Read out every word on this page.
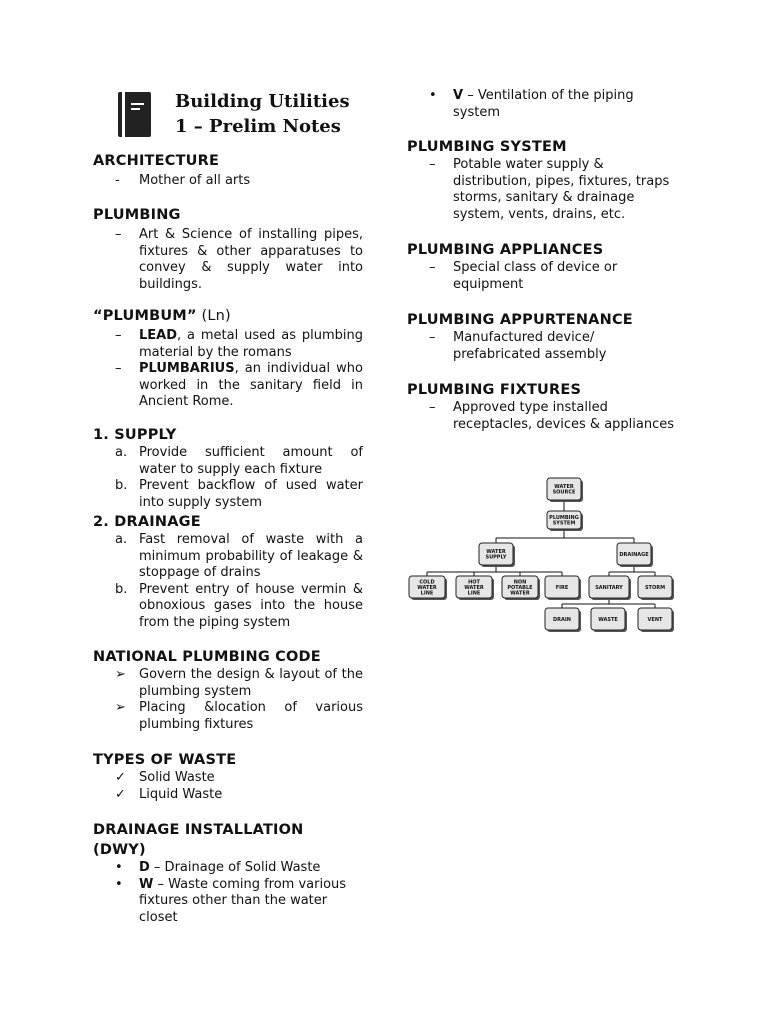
Building Utilities
1 – Prelim Notes
ARCHITECTURE
- Mother of all arts
PLUMBING
– Art & Science of installing pipes, fixtures & other apparatuses to convey & supply water into buildings.
“PLUMBUM” (Ln)
– LEAD, a metal used as plumbing material by the romans
– PLUMBARIUS, an individual who worked in the sanitary field in Ancient Rome.
1. SUPPLY
a. Provide sufficient amount of water to supply each fixture
b. Prevent backflow of used water into supply system
2. DRAINAGE
a. Fast removal of waste with a minimum probability of leakage & stoppage of drains
b. Prevent entry of house vermin & obnoxious gases into the house from the piping system
NATIONAL PLUMBING CODE
➢ Govern the design & layout of the plumbing system
➢ Placing &location of various plumbing fixtures
TYPES OF WASTE
✓ Solid Waste
✓ Liquid Waste
DRAINAGE INSTALLATION
(DWY)
• D – Drainage of Solid Waste
• W – Waste coming from various fixtures other than the water closet
• V – Ventilation of the piping system
PLUMBING SYSTEM
– Potable water supply & distribution, pipes, fixtures, traps storms, sanitary & drainage system, vents, drains, etc.
PLUMBING APPLIANCES
– Special class of device or equipment
PLUMBING APPURTENANCE
– Manufactured device/ prefabricated assembly
PLUMBING FIXTURES
– Approved type installed receptacles, devices & appliances
WATER
SOURCE
PLUMBING
SYSTEM
WATER
SUPPLY	DRAINAGE
COLD
WATER
LINE
HOT
WATER
LINE
NON
POTABLE
WATER
FIRE	SANITARY	STORM
DRAIN	WASTE	VENT
